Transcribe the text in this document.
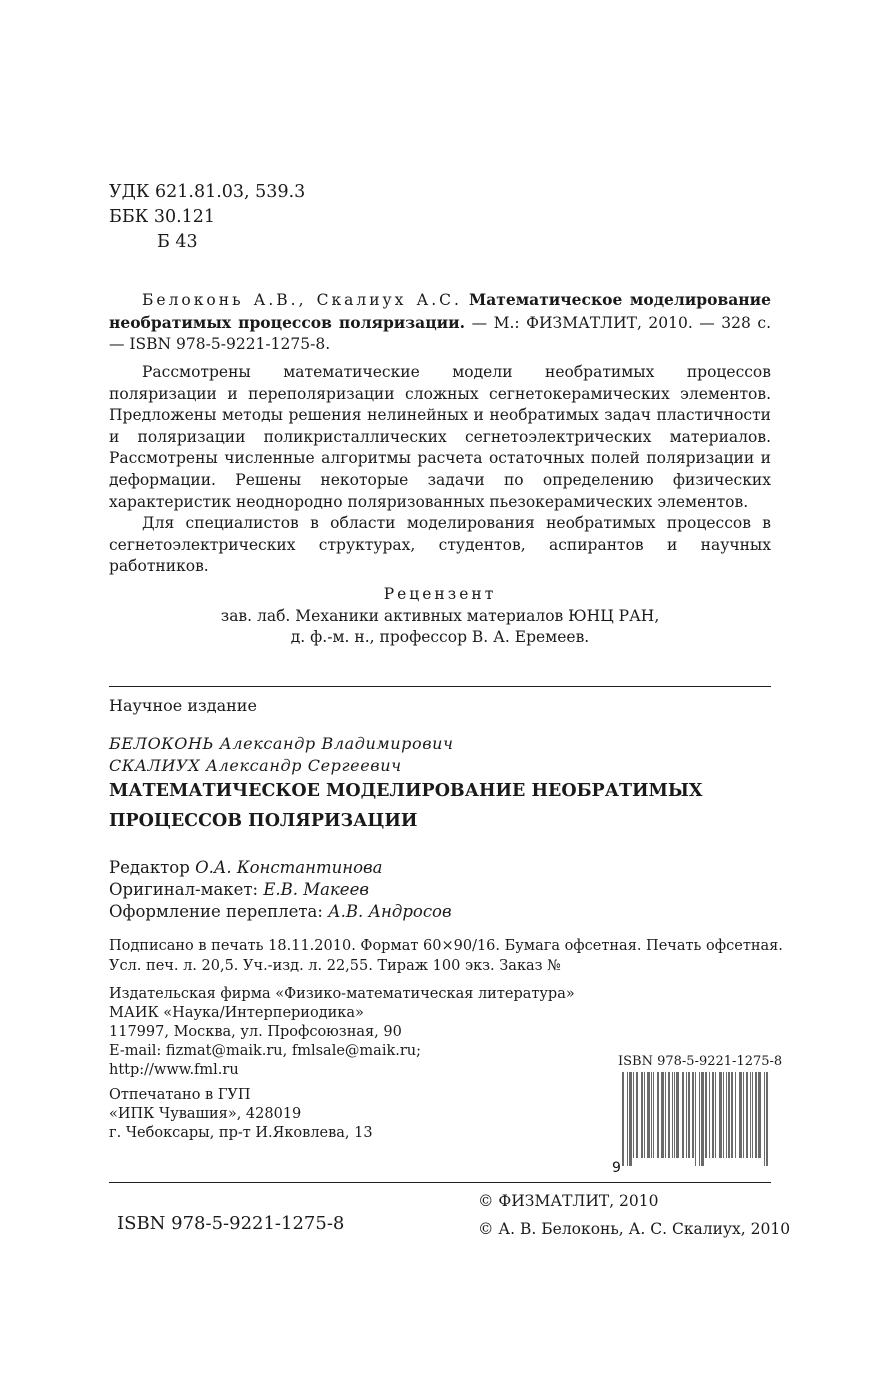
УДК 621.81.03, 539.3
ББК 30.121
Б 43
Белоконь А.В., Скалиух А.С. Математическое моделирование необратимых процессов поляризации. — М.: ФИЗМАТЛИТ, 2010. — 328 с. — ISBN 978-5-9221-1275-8.
Рассмотрены математические модели необратимых процессов поляризации и переполяризации сложных сегнетокерамических элементов. Предложены методы решения нелинейных и необратимых задач пластичности и поляризации поликристаллических сегнетоэлектрических материалов. Рассмотрены численные алгоритмы расчета остаточных полей поляризации и деформации. Решены некоторые задачи по определению физических характеристик неоднородно поляризованных пьезокерамических элементов.
Для специалистов в области моделирования необратимых процессов в сегнетоэлектрических структурах, студентов, аспирантов и научных работников.
Рецензент
зав. лаб. Механики активных материалов ЮНЦ РАН,
д. ф.-м. н., профессор В. А. Еремеев.
Научное издание
БЕЛОКОНЬ Александр Владимирович
СКАЛИУХ Александр Сергеевич
МАТЕМАТИЧЕСКОЕ МОДЕЛИРОВАНИЕ НЕОБРАТИМЫХ
ПРОЦЕССОВ ПОЛЯРИЗАЦИИ
Редактор О.А. Константинова
Оригинал-макет: Е.В. Макеев
Оформление переплета: А.В. Андросов
Подписано в печать 18.11.2010. Формат 60×90/16. Бумага офсетная. Печать офсетная.
Усл. печ. л. 20,5. Уч.-изд. л. 22,55. Тираж 100 экз. Заказ №
Издательская фирма «Физико-математическая литература»
МАИК «Наука/Интерпериодика»
117997, Москва, ул. Профсоюзная, 90
E-mail: fizmat@maik.ru, fmlsale@maik.ru;
http://www.fml.ru
Отпечатано в ГУП
«ИПК Чувашия», 428019
г. Чебоксары, пр-т И.Яковлева, 13
ISBN 978-5-9221-1275-8
9
ISBN 978-5-9221-1275-8
© ФИЗМАТЛИТ, 2010
© А. В. Белоконь, А. С. Скалиух, 2010
